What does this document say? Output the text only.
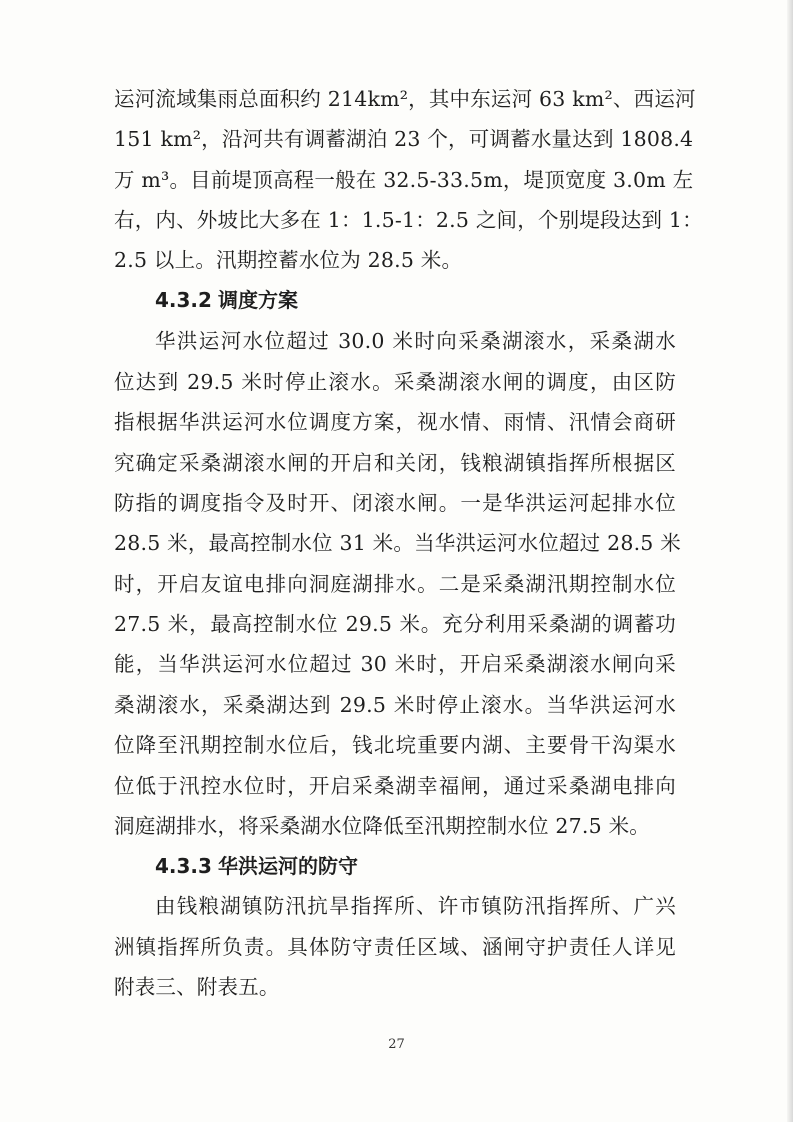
运河流域集雨总面积约 214km²，其中东运河 63 km²、西运河
151 km²，沿河共有调蓄湖泊 23 个，可调蓄水量达到 1808.4
万 m³。目前堤顶高程一般在 32.5-33.5m，堤顶宽度 3.0m 左
右，内、外坡比大多在 1：1.5-1：2.5 之间，个别堤段达到 1：
2.5 以上。汛期控蓄水位为 28.5 米。
4.3.2 调度方案
华洪运河水位超过 30.0 米时向采桑湖滚水，采桑湖水
位达到 29.5 米时停止滚水。采桑湖滚水闸的调度，由区防
指根据华洪运河水位调度方案，视水情、雨情、汛情会商研
究确定采桑湖滚水闸的开启和关闭，钱粮湖镇指挥所根据区
防指的调度指令及时开、闭滚水闸。一是华洪运河起排水位
28.5 米，最高控制水位 31 米。当华洪运河水位超过 28.5 米
时，开启友谊电排向洞庭湖排水。二是采桑湖汛期控制水位
27.5 米，最高控制水位 29.5 米。充分利用采桑湖的调蓄功
能，当华洪运河水位超过 30 米时，开启采桑湖滚水闸向采
桑湖滚水，采桑湖达到 29.5 米时停止滚水。当华洪运河水
位降至汛期控制水位后，钱北垸重要内湖、主要骨干沟渠水
位低于汛控水位时，开启采桑湖幸福闸，通过采桑湖电排向
洞庭湖排水，将采桑湖水位降低至汛期控制水位 27.5 米。
4.3.3 华洪运河的防守
由钱粮湖镇防汛抗旱指挥所、许市镇防汛指挥所、广兴
洲镇指挥所负责。具体防守责任区域、涵闸守护责任人详见
附表三、附表五。
27
